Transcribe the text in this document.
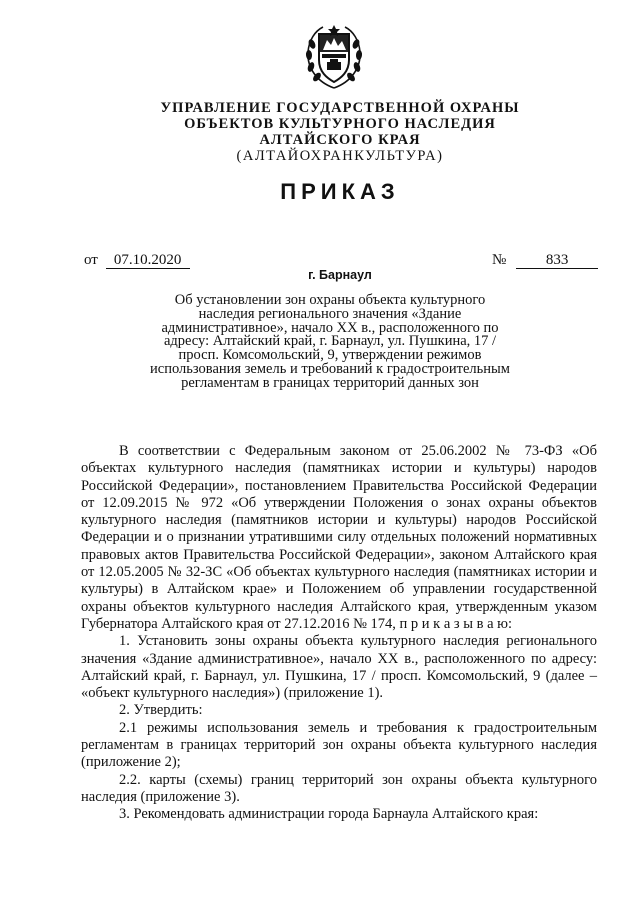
УПРАВЛЕНИЕ ГОСУДАРСТВЕННОЙ ОХРАНЫ
ОБЪЕКТОВ КУЛЬТУРНОГО НАСЛЕДИЯ
АЛТАЙСКОГО КРАЯ
(АЛТАЙОХРАНКУЛЬТУРА)
ПРИКАЗ
от 07.10.2020	№	833
г. Барнаул
Об установлении зон охраны объекта культурного наследия регионального значения «Здание административное», начало XX в., расположенного по адресу: Алтайский край, г. Барнаул, ул. Пушкина, 17 / просп. Комсомольский, 9, утверждении режимов использования земель и требований к градостроительным регламентам в границах территорий данных зон

В соответствии с Федеральным законом от 25.06.2002 № 73-ФЗ «Об объектах культурного наследия (памятниках истории и культуры) народов Российской Федерации», постановлением Правительства Российской Федерации от 12.09.2015 № 972 «Об утверждении Положения о зонах охраны объектов культурного наследия (памятников истории и культуры) народов Российской Федерации и о признании утратившими силу отдельных положений нормативных правовых актов Правительства Российской Федерации», законом Алтайского края от 12.05.2005 № 32-ЗС «Об объектах культурного наследия (памятниках истории и культуры) в Алтайском крае» и Положением об управлении государственной охраны объектов культурного наследия Алтайского края, утвержденным указом Губернатора Алтайского края от 27.12.2016 № 174, п р и к а з ы в а ю:

1. Установить зоны охраны объекта культурного наследия регионального значения «Здание административное», начало XX в., расположенного по адресу: Алтайский край, г. Барнаул, ул. Пушкина, 17 / просп. Комсомольский, 9 (далее – «объект культурного наследия») (приложение 1).

2. Утвердить:

2.1 режимы использования земель и требования к градостроительным регламентам в границах территорий зон охраны объекта культурного наследия (приложение 2);

2.2. карты (схемы) границ территорий зон охраны объекта культурного наследия (приложение 3).

3. Рекомендовать администрации города Барнаула Алтайского края:
